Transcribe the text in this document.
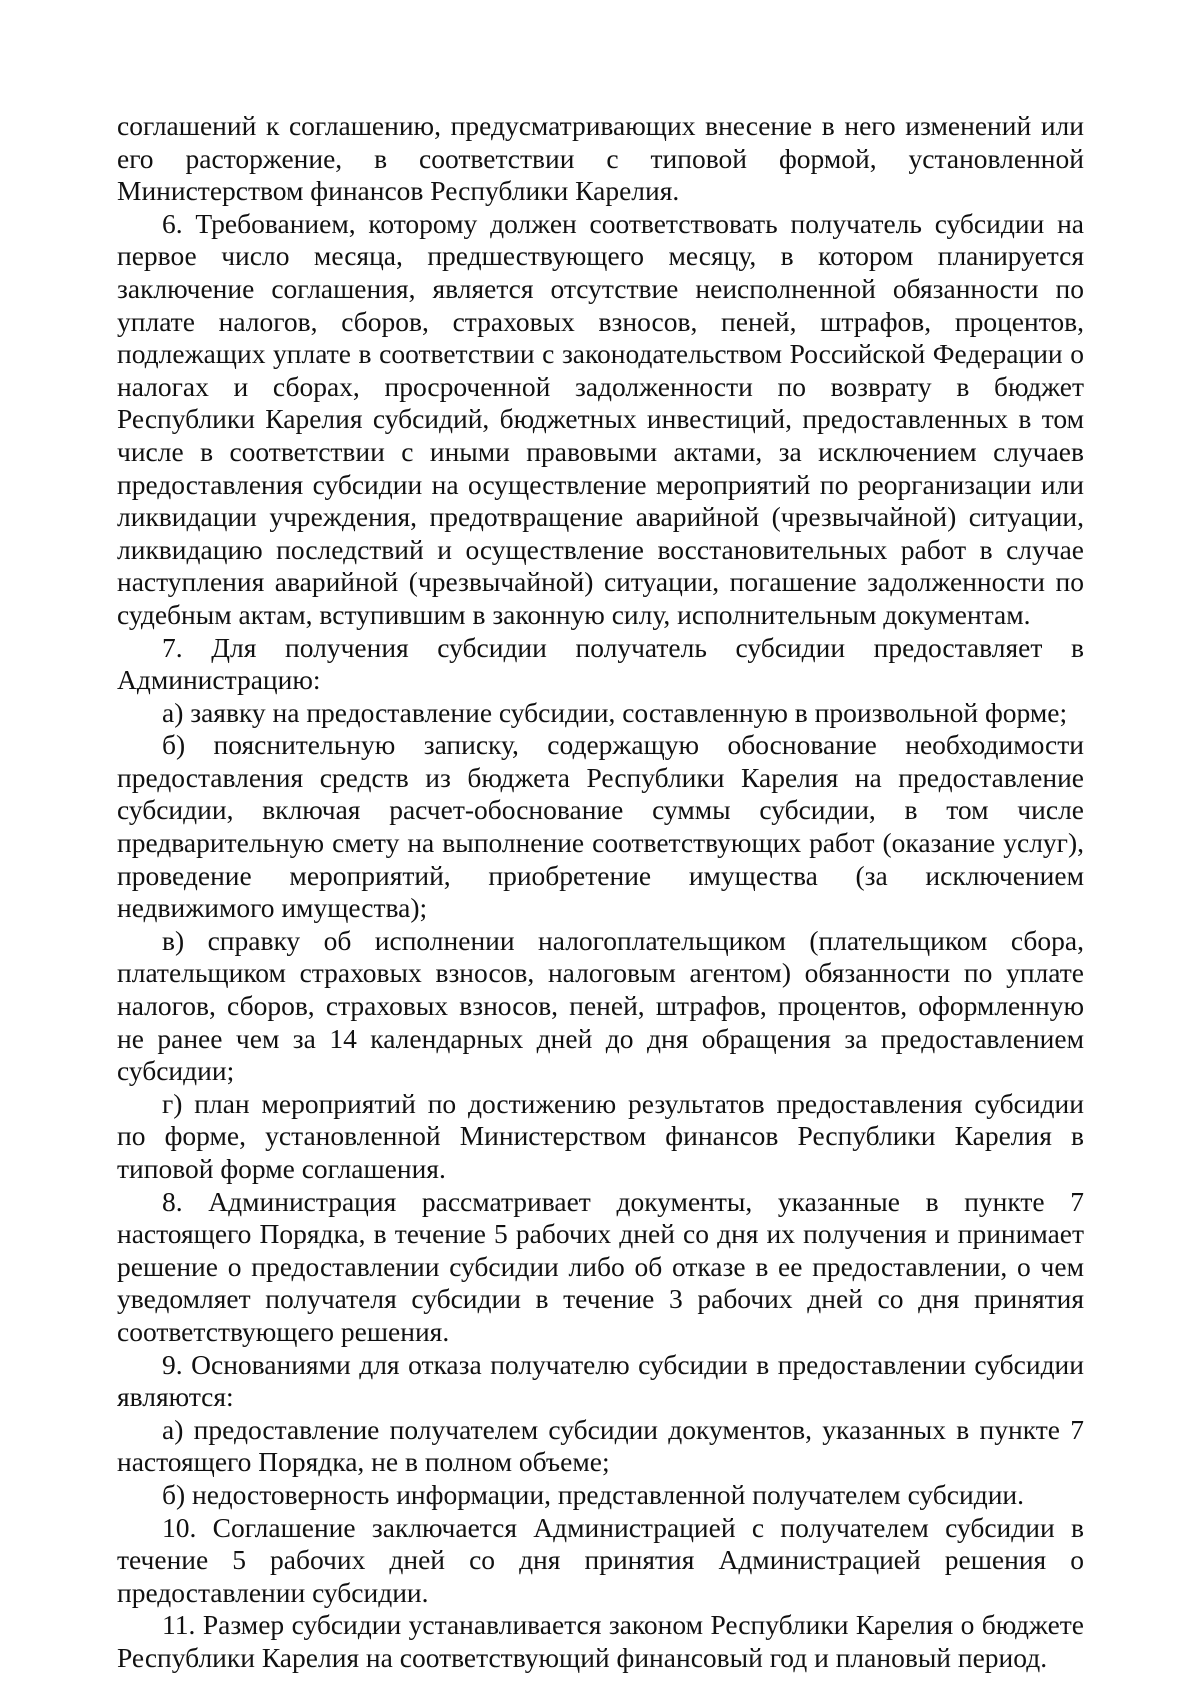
соглашений к соглашению, предусматривающих внесение в него изменений или его расторжение, в соответствии с типовой формой, установленной Министерством финансов Республики Карелия.

6. Требованием, которому должен соответствовать получатель субсидии на первое число месяца, предшествующего месяцу, в котором планируется заключение соглашения, является отсутствие неисполненной обязанности по уплате налогов, сборов, страховых взносов, пеней, штрафов, процентов, подлежащих уплате в соответствии с законодательством Российской Федерации о налогах и сборах, просроченной задолженности по возврату в бюджет Республики Карелия субсидий, бюджетных инвестиций, предоставленных в том числе в соответствии с иными правовыми актами, за исключением случаев предоставления субсидии на осуществление мероприятий по реорганизации или ликвидации учреждения, предотвращение аварийной (чрезвычайной) ситуации, ликвидацию последствий и осуществление восстановительных работ в случае наступления аварийной (чрезвычайной) ситуации, погашение задолженности по судебным актам, вступившим в законную силу, исполнительным документам.

7. Для получения субсидии получатель субсидии предоставляет в Администрацию:

а) заявку на предоставление субсидии, составленную в произвольной форме;

б) пояснительную записку, содержащую обоснование необходимости предоставления средств из бюджета Республики Карелия на предоставление субсидии, включая расчет-обоснование суммы субсидии, в том числе предварительную смету на выполнение соответствующих работ (оказание услуг), проведение мероприятий, приобретение имущества (за исключением недвижимого имущества);

в) справку об исполнении налогоплательщиком (плательщиком сбора, плательщиком страховых взносов, налоговым агентом) обязанности по уплате налогов, сборов, страховых взносов, пеней, штрафов, процентов, оформленную не ранее чем за 14 календарных дней до дня обращения за предоставлением субсидии;

г) план мероприятий по достижению результатов предоставления субсидии по форме, установленной Министерством финансов Республики Карелия в типовой форме соглашения.

8. Администрация рассматривает документы, указанные в пункте 7 настоящего Порядка, в течение 5 рабочих дней со дня их получения и принимает решение о предоставлении субсидии либо об отказе в ее предоставлении, о чем уведомляет получателя субсидии в течение 3 рабочих дней со дня принятия соответствующего решения.

9. Основаниями для отказа получателю субсидии в предоставлении субсидии являются:

а) предоставление получателем субсидии документов, указанных в пункте 7 настоящего Порядка, не в полном объеме;

б) недостоверность информации, представленной получателем субсидии.

10. Соглашение заключается Администрацией с получателем субсидии в течение 5 рабочих дней со дня принятия Администрацией решения о предоставлении субсидии.

11. Размер субсидии устанавливается законом Республики Карелия о бюджете Республики Карелия на соответствующий финансовый год и плановый период.
